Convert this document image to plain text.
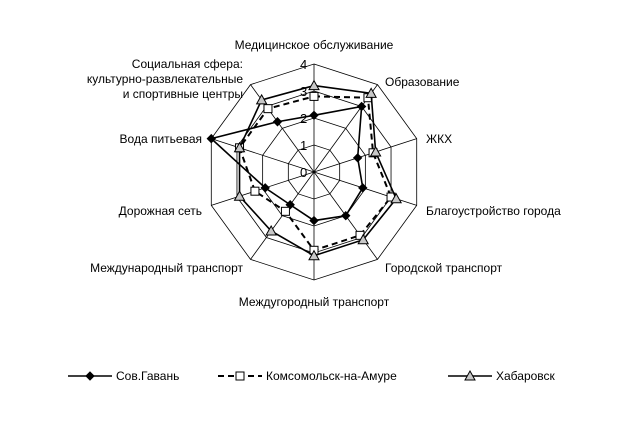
0
1
2
3
4
Медицинское обслуживание
Образование
ЖКХ
Благоустройство города
Городской транспорт
Междугородный транспорт
Международный транспорт
Дорожная сеть
Вода питьевая
Социальная сфера:
культурно-развлекательные
и спортивные центры
Сов.Гавань	Комсомольск-на-Амуре	Хабаровск
